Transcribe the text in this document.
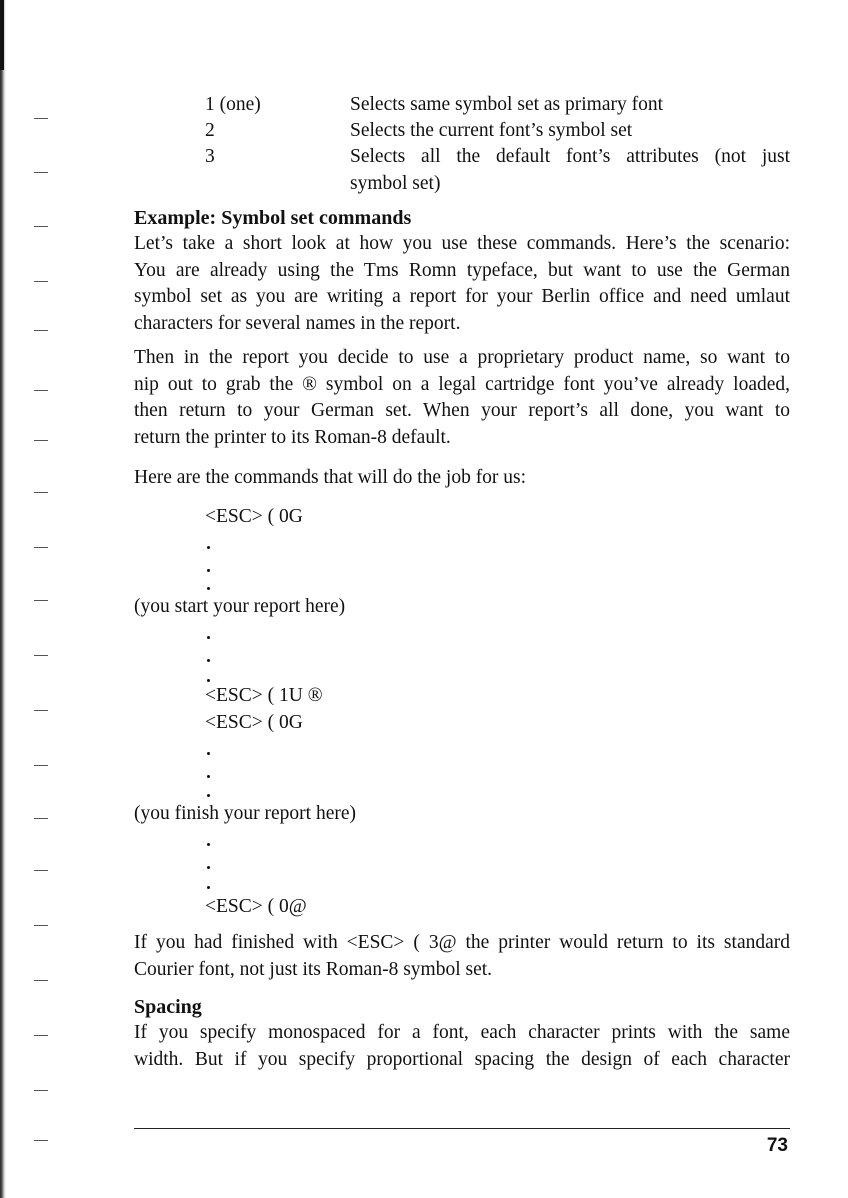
1 (one)	Selects same symbol set as primary font
2	Selects the current font’s symbol set
3	Selects all the default font’s attributes (not just
symbol set)
Example: Symbol set commands
Let’s take a short look at how you use these commands. Here’s the scenario:
You are already using the Tms Romn typeface, but want to use the German
symbol set as you are writing a report for your Berlin office and need umlaut
characters for several names in the report.
Then in the report you decide to use a proprietary product name, so want to
nip out to grab the ® symbol on a legal cartridge font you’ve already loaded,
then return to your German set. When your report’s all done, you want to
return the printer to its Roman-8 default.
Here are the commands that will do the job for us:
<ESC> ( 0G
(you start your report here)
<ESC> ( 1U ®
<ESC> ( 0G
(you finish your report here)
<ESC> ( 0@
If you had finished with <ESC> ( 3@ the printer would return to its standard
Courier font, not just its Roman-8 symbol set.
Spacing
If you specify monospaced for a font, each character prints with the same
width. But if you specify proportional spacing the design of each character
73
